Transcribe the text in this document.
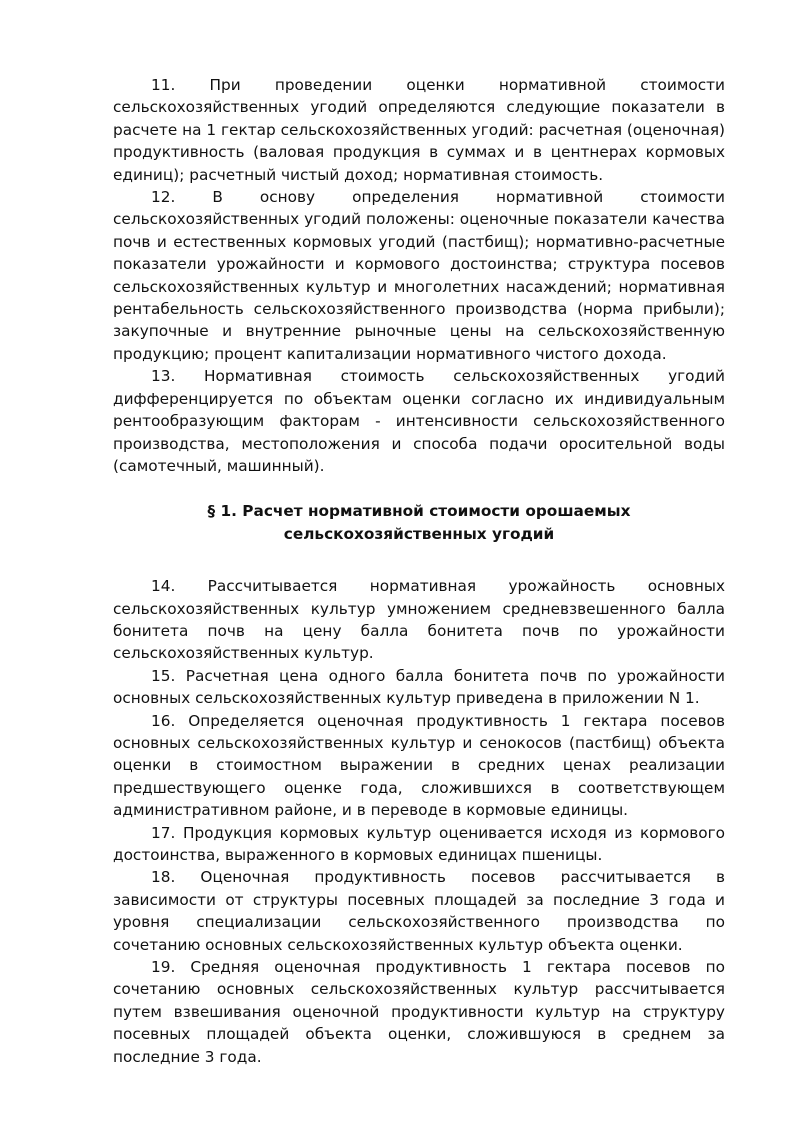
11. При проведении оценки нормативной стоимости сельскохозяйственных угодий определяются следующие показатели в расчете на 1 гектар сельскохозяйственных угодий: расчетная (оценочная) продуктивность (валовая продукция в суммах и в центнерах кормовых единиц); расчетный чистый доход; нормативная стоимость.

12. В основу определения нормативной стоимости сельскохозяйственных угодий положены: оценочные показатели качества почв и естественных кормовых угодий (пастбищ); нормативно-расчетные показатели урожайности и кормового достоинства; структура посевов сельскохозяйственных культур и многолетних насаждений; нормативная рентабельность сельскохозяйственного производства (норма прибыли); закупочные и внутренние рыночные цены на сельскохозяйственную продукцию; процент капитализации нормативного чистого дохода.

13. Нормативная стоимость сельскохозяйственных угодий дифференцируется по объектам оценки согласно их индивидуальным рентообразующим факторам - интенсивности сельскохозяйственного производства, местоположения и способа подачи оросительной воды (самотечный, машинный).

§ 1. Расчет нормативной стоимости орошаемых
сельскохозяйственных угодий

14. Рассчитывается нормативная урожайность основных сельскохозяйственных культур умножением средневзвешенного балла бонитета почв на цену балла бонитета почв по урожайности сельскохозяйственных культур.

15. Расчетная цена одного балла бонитета почв по урожайности основных сельскохозяйственных культур приведена в приложении N 1.

16. Определяется оценочная продуктивность 1 гектара посевов основных сельскохозяйственных культур и сенокосов (пастбищ) объекта оценки в стоимостном выражении в средних ценах реализации предшествующего оценке года, сложившихся в соответствующем административном районе, и в переводе в кормовые единицы.

17. Продукция кормовых культур оценивается исходя из кормового достоинства, выраженного в кормовых единицах пшеницы.

18. Оценочная продуктивность посевов рассчитывается в зависимости от структуры посевных площадей за последние 3 года и уровня специализации сельскохозяйственного производства по сочетанию основных сельскохозяйственных культур объекта оценки.

19. Средняя оценочная продуктивность 1 гектара посевов по сочетанию основных сельскохозяйственных культур рассчитывается путем взвешивания оценочной продуктивности культур на структуру посевных площадей объекта оценки, сложившуюся в среднем за последние 3 года.
